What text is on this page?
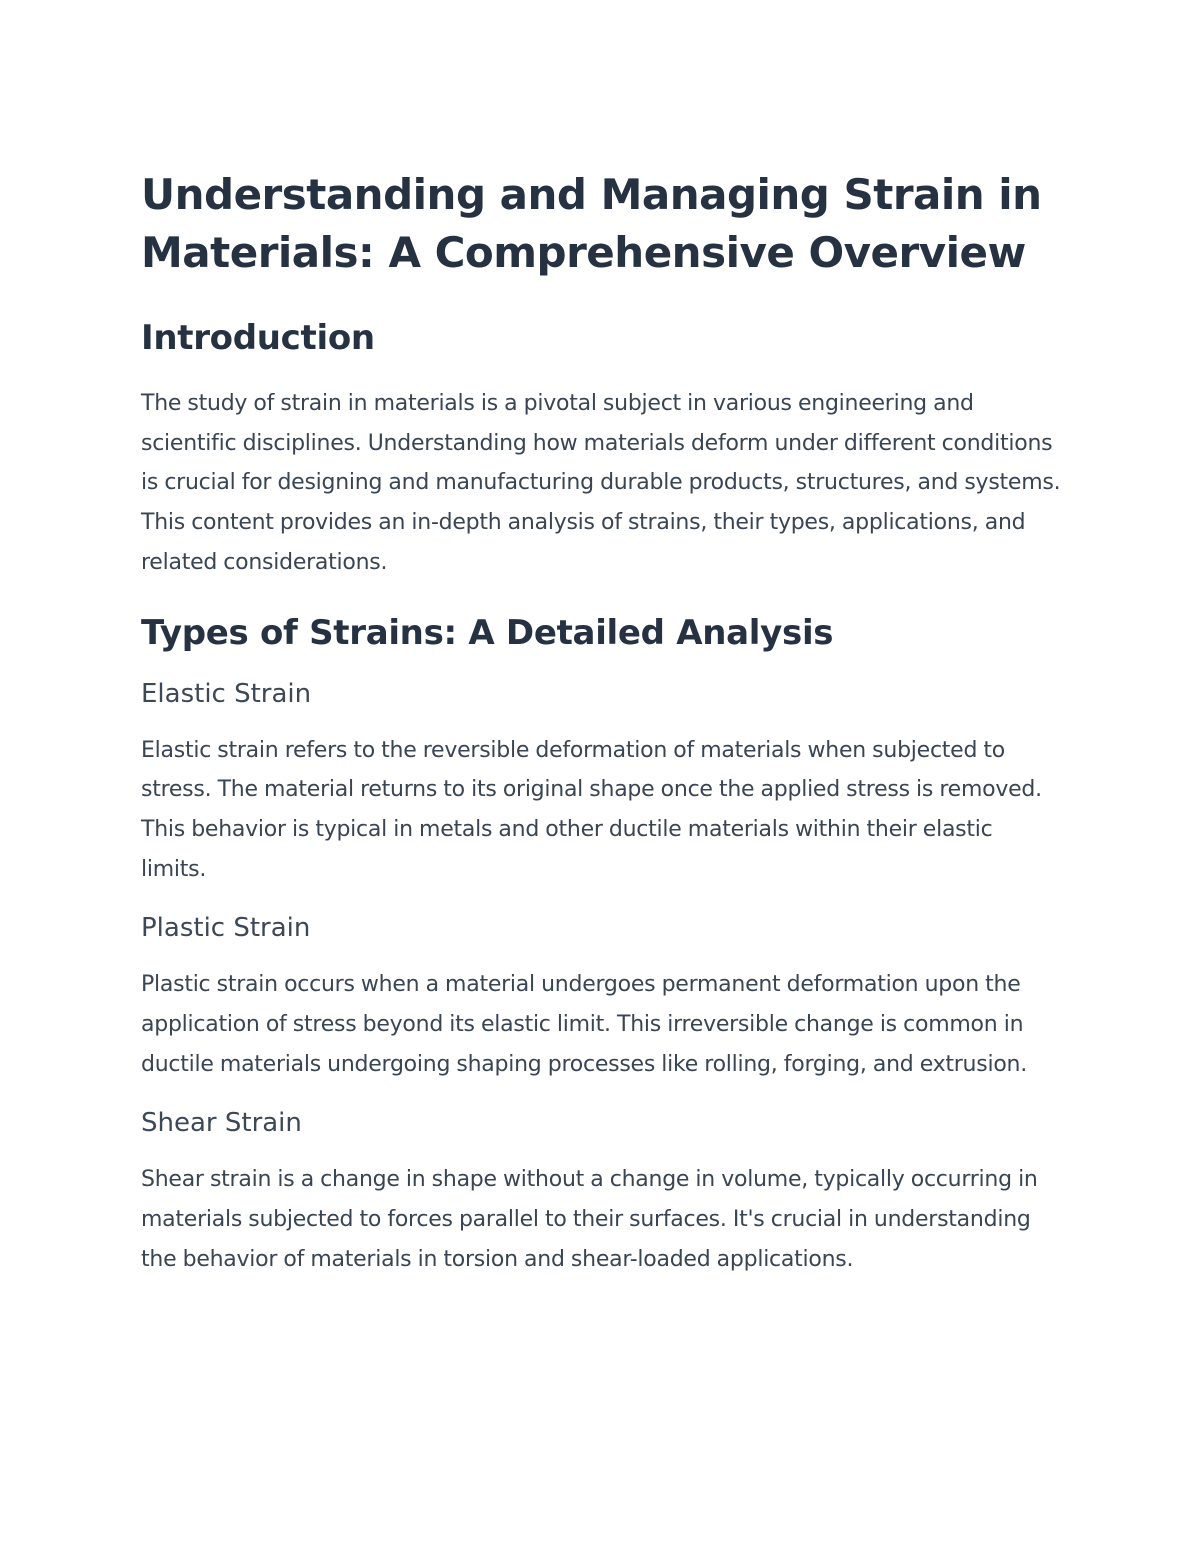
Understanding and Managing Strain in Materials: A Comprehensive Overview
Introduction

The study of strain in materials is a pivotal subject in various engineering and scientific disciplines. Understanding how materials deform under different conditions is crucial for designing and manufacturing durable products, structures, and systems. This content provides an in-depth analysis of strains, their types, applications, and related considerations.

Types of Strains: A Detailed Analysis
Elastic Strain

Elastic strain refers to the reversible deformation of materials when subjected to stress. The material returns to its original shape once the applied stress is removed. This behavior is typical in metals and other ductile materials within their elastic limits.

Plastic Strain

Plastic strain occurs when a material undergoes permanent deformation upon the application of stress beyond its elastic limit. This irreversible change is common in ductile materials undergoing shaping processes like rolling, forging, and extrusion.

Shear Strain

Shear strain is a change in shape without a change in volume, typically occurring in materials subjected to forces parallel to their surfaces. It's crucial in understanding the behavior of materials in torsion and shear-loaded applications.
